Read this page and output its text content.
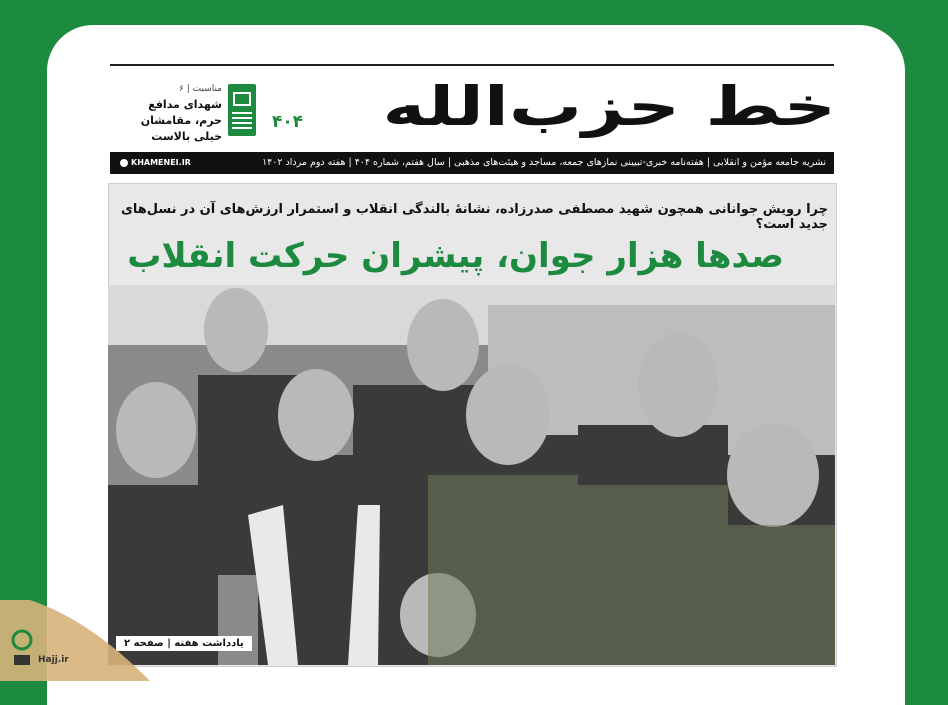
خط حزب‌الله
۴۰۴
مناسبت | ۶
شهدای مدافع حرم، مقامشان خیلی بالاست
نشریه جامعه مؤمن و انقلابی | هفته‌نامه خبری-تبیینی نمازهای جمعه، مساجد و هیئت‌های مذهبی | سال هفتم، شماره ۴۰۴ | هفته دوم مرداد ۱۴۰۲
KHAMENEI.IR
چرا رویش جوانانی همچون شهید مصطفی صدرزاده، نشانهٔ بالندگی انقلاب و استمرار ارزش‌های آن در نسل‌های جدید است؟
صدها هزار جوان، پیشران حرکت انقلاب
یادداشت هفته | صفحه ۲
Hajj.ir
